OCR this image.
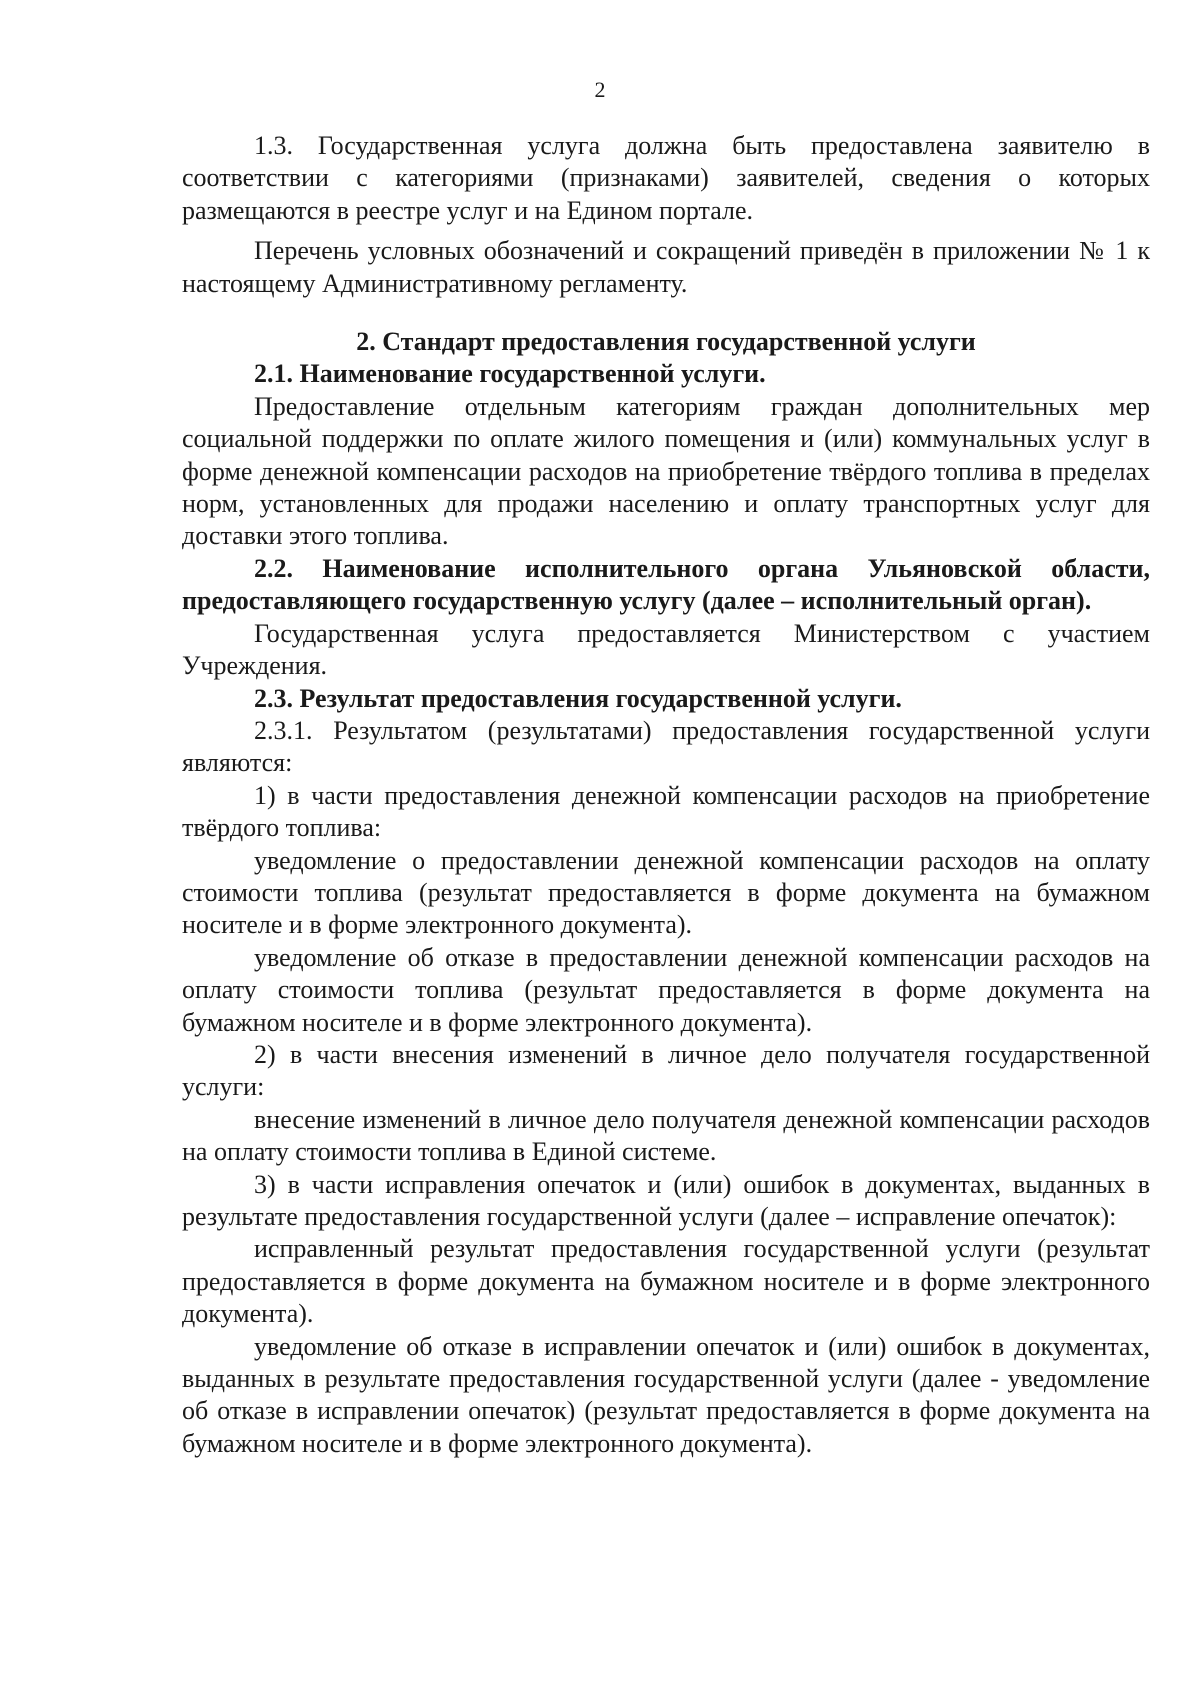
2

1.3. Государственная услуга должна быть предоставлена заявителю в соответствии с категориями (признаками) заявителей, сведения о которых размещаются в реестре услуг и на Едином портале.

Перечень условных обозначений и сокращений приведён в приложении № 1 к настоящему Административному регламенту.

2. Стандарт предоставления государственной услуги

2.1. Наименование государственной услуги.

Предоставление отдельным категориям граждан дополнительных мер социальной поддержки по оплате жилого помещения и (или) коммунальных услуг в форме денежной компенсации расходов на приобретение твёрдого топлива в пределах норм, установленных для продажи населению и оплату транспортных услуг для доставки этого топлива.

2.2. Наименование исполнительного органа Ульяновской области, предоставляющего государственную услугу (далее – исполнительный орган).

Государственная услуга предоставляется Министерством с участием Учреждения.

2.3. Результат предоставления государственной услуги.

2.3.1. Результатом (результатами) предоставления государственной услуги являются:

1) в части предоставления денежной компенсации расходов на приобретение твёрдого топлива:

уведомление о предоставлении денежной компенсации расходов на оплату стоимости топлива (результат предоставляется в форме документа на бумажном носителе и в форме электронного документа).

уведомление об отказе в предоставлении денежной компенсации расходов на оплату стоимости топлива (результат предоставляется в форме документа на бумажном носителе и в форме электронного документа).

2) в части внесения изменений в личное дело получателя государственной услуги:

внесение изменений в личное дело получателя денежной компенсации расходов на оплату стоимости топлива в Единой системе.

3) в части исправления опечаток и (или) ошибок в документах, выданных в результате предоставления государственной услуги (далее – исправление опечаток):

исправленный результат предоставления государственной услуги (результат предоставляется в форме документа на бумажном носителе и в форме электронного документа).

уведомление об отказе в исправлении опечаток и (или) ошибок в документах, выданных в результате предоставления государственной услуги (далее - уведомление об отказе в исправлении опечаток) (результат предоставляется в форме документа на бумажном носителе и в форме электронного документа).
